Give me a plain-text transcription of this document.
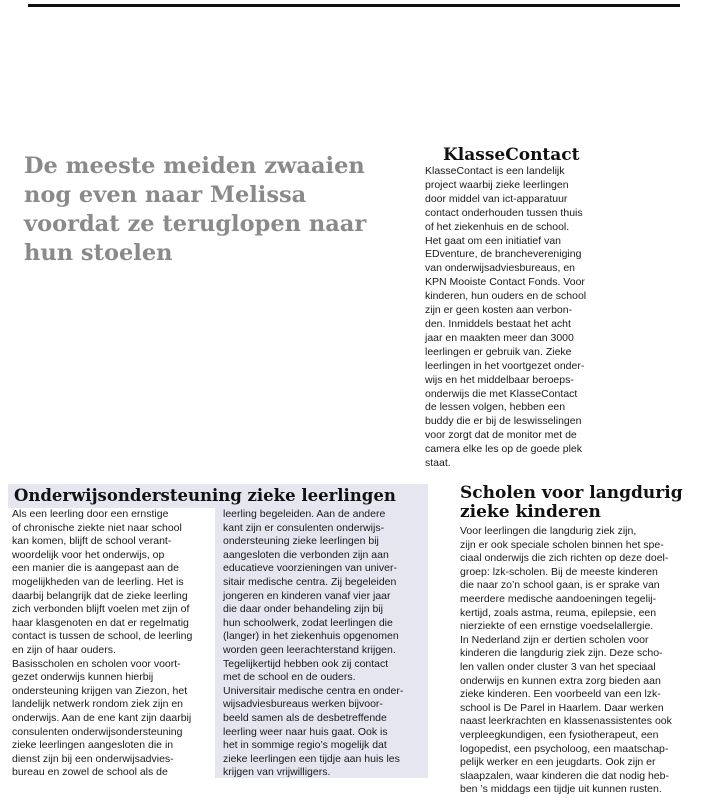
De meeste meiden zwaaien
nog even naar Melissa
voordat ze teruglopen naar
hun stoelen

KlasseContact
KlasseContact is een landelijk
project waarbij zieke leerlingen
door middel van ict-apparatuur
contact onderhouden tussen thuis
of het ziekenhuis en de school.
Het gaat om een initiatief van
EDventure, de branchevereniging
van onderwijsadviesbureaus, en
KPN Mooiste Contact Fonds. Voor
kinderen, hun ouders en de school
zijn er geen kosten aan verbon-
den. Inmiddels bestaat het acht
jaar en maakten meer dan 3000
leerlingen er gebruik van. Zieke
leerlingen in het voortgezet onder-
wijs en het middelbaar beroeps-
onderwijs die met KlasseContact
de lessen volgen, hebben een
buddy die er bij de leswisselingen
voor zorgt dat de monitor met de
camera elke les op de goede plek
staat.
Onderwijsondersteuning zieke leerlingen
Als een leerling door een ernstige
of chronische ziekte niet naar school
kan komen, blijft de school verant-
woordelijk voor het onderwijs, op
een manier die is aangepast aan de
mogelijkheden van de leerling. Het is
daarbij belangrijk dat de zieke leerling
zich verbonden blijft voelen met zijn of
haar klasgenoten en dat er regelmatig
contact is tussen de school, de leerling
en zijn of haar ouders.
Basisscholen en scholen voor voort-
gezet onderwijs kunnen hierbij
ondersteuning krijgen van Ziezon, het
landelijk netwerk rondom ziek zijn en
onderwijs. Aan de ene kant zijn daarbij
consulenten onderwijsondersteuning
zieke leerlingen aangesloten die in
dienst zijn bij een onderwijsadvies-
bureau en zowel de school als de
leerling begeleiden. Aan de andere
kant zijn er consulenten onderwijs-
ondersteuning zieke leerlingen bij
aangesloten die verbonden zijn aan
educatieve voorzieningen van univer-
sitair medische centra. Zij begeleiden
jongeren en kinderen vanaf vier jaar
die daar onder behandeling zijn bij
hun schoolwerk, zodat leerlingen die
(langer) in het ziekenhuis opgenomen
worden geen leerachterstand krijgen.
Tegelijkertijd hebben ook zij contact
met de school en de ouders.
Universitair medische centra en onder-
wijsadviesbureaus werken bijvoor-
beeld samen als de desbetreffende
leerling weer naar huis gaat. Ook is
het in sommige regio’s mogelijk dat
zieke leerlingen een tijdje aan huis les
krijgen van vrijwilligers.
Scholen voor langdurig
zieke kinderen
Voor leerlingen die langdurig ziek zijn,
zijn er ook speciale scholen binnen het spe-
ciaal onderwijs die zich richten op deze doel-
groep: lzk-scholen. Bij de meeste kinderen
die naar zo’n school gaan, is er sprake van
meerdere medische aandoeningen tegelij-
kertijd, zoals astma, reuma, epilepsie, een
nierziekte of een ernstige voedselallergie.
In Nederland zijn er dertien scholen voor
kinderen die langdurig ziek zijn. Deze scho-
len vallen onder cluster 3 van het speciaal
onderwijs en kunnen extra zorg bieden aan
zieke kinderen. Een voorbeeld van een lzk-
school is De Parel in Haarlem. Daar werken
naast leerkrachten en klassenassistentes ook
verpleegkundigen, een fysiotherapeut, een
logopedist, een psycholoog, een maatschap-
pelijk werker en een jeugdarts. Ook zijn er
slaapzalen, waar kinderen die dat nodig heb-
ben ’s middags een tijdje uit kunnen rusten.
